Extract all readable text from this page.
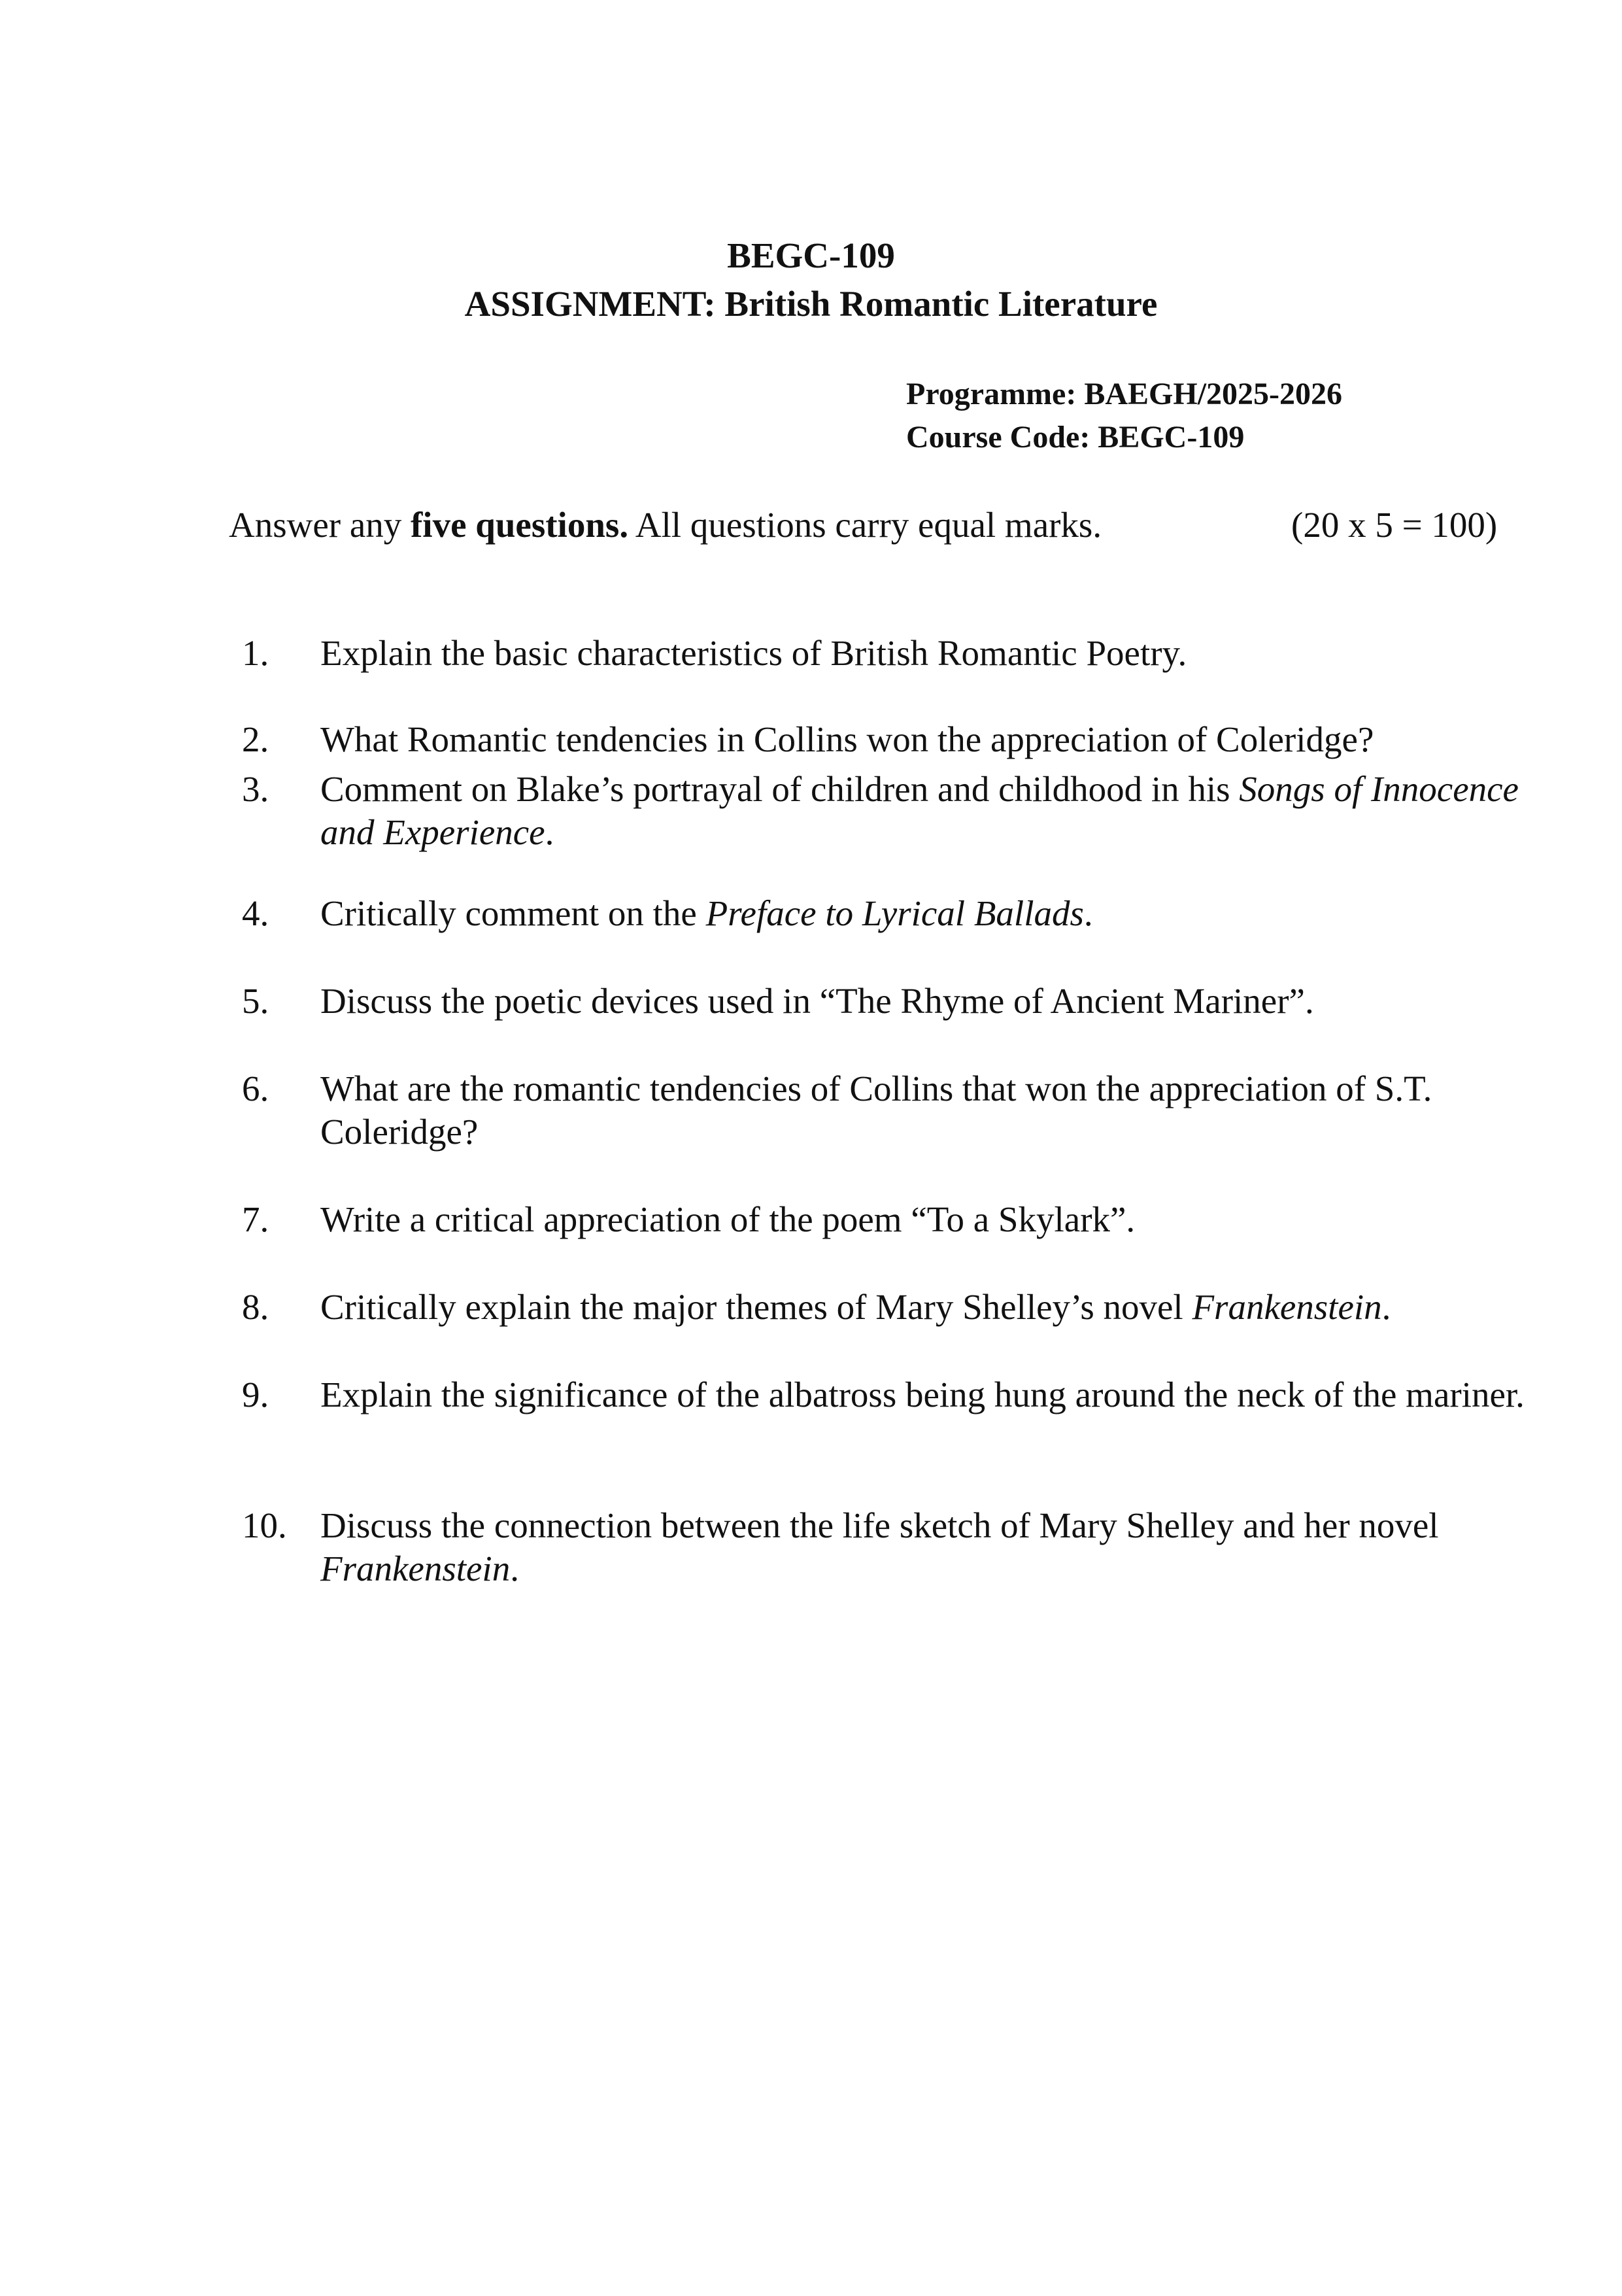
BEGC-109
ASSIGNMENT: British Romantic Literature
Programme: BAEGH/2025-2026
Course Code: BEGC-109
Answer any five questions. All questions carry equal marks.	(20 x 5 = 100)
1.	Explain the basic characteristics of British Romantic Poetry.
2.	What Romantic tendencies in Collins won the appreciation of Coleridge?
3.	Comment on Blake’s portrayal of children and childhood in his Songs of Innocence and Experience.
4.	Critically comment on the Preface to Lyrical Ballads.
5.	Discuss the poetic devices used in “The Rhyme of Ancient Mariner”.
6.	What are the romantic tendencies of Collins that won the appreciation of S.T. Coleridge?
7.	Write a critical appreciation of the poem “To a Skylark”.
8.	Critically explain the major themes of Mary Shelley’s novel Frankenstein.
9.	Explain the significance of the albatross being hung around the neck of the mariner.
10. Discuss the connection between the life sketch of Mary Shelley and her novel Frankenstein.
